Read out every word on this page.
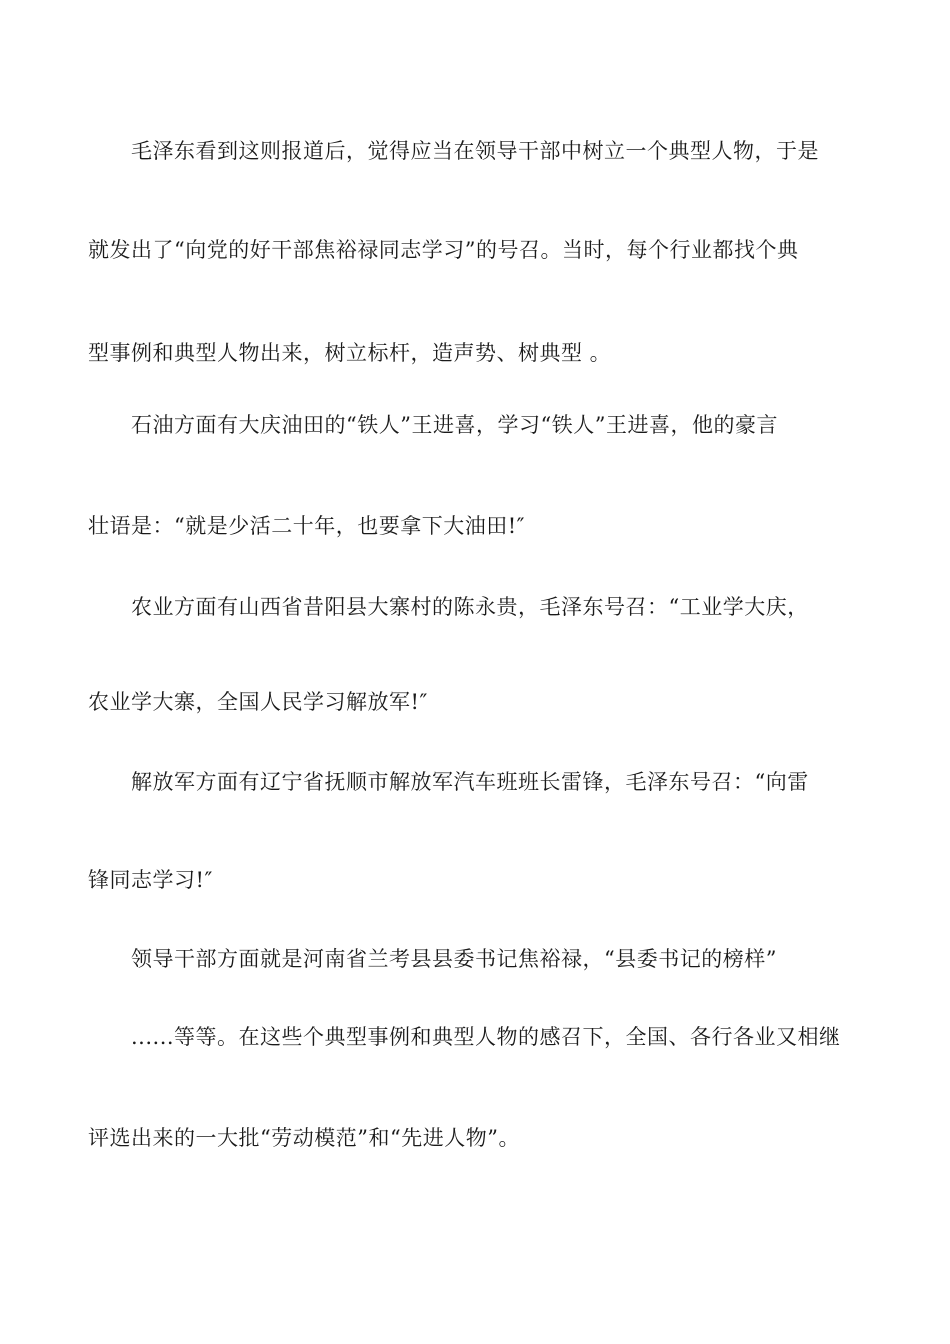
毛泽东看到这则报道后，觉得应当在领导干部中树立一个典型人物，于是
就发出了“向党的好干部焦裕禄同志学习”的号召。当时，每个行业都找个典
型事例和典型人物出来，树立标杆，造声势、树典型 。
石油方面有大庆油田的“铁人”王进喜，学习“铁人”王进喜，他的豪言
壮语是：“就是少活二十年，也要拿下大油田!″
农业方面有山西省昔阳县大寨村的陈永贵，毛泽东号召：“工业学大庆，
农业学大寨，全国人民学习解放军!″
解放军方面有辽宁省抚顺市解放军汽车班班长雷锋，毛泽东号召：“向雷
锋同志学习!″
领导干部方面就是河南省兰考县县委书记焦裕禄，“县委书记的榜样”
......等等。在这些个典型事例和典型人物的感召下，全国、各行各业又相继
评选出来的一大批“劳动模范”和“先进人物”。
